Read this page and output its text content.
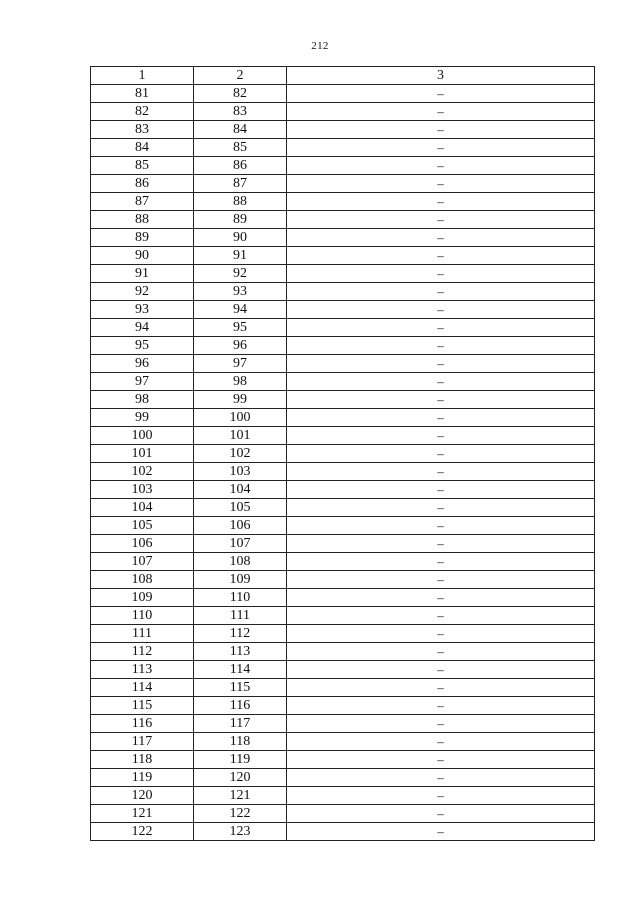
212
1	2	3
81	82	–
82	83	–
83	84	–
84	85	–
85	86	–
86	87	–
87	88	–
88	89	–
89	90	–
90	91	–
91	92	–
92	93	–
93	94	–
94	95	–
95	96	–
96	97	–
97	98	–
98	99	–
99	100	–
100	101	–
101	102	–
102	103	–
103	104	–
104	105	–
105	106	–
106	107	–
107	108	–
108	109	–
109	110	–
110	111	–
111	112	–
112	113	–
113	114	–
114	115	–
115	116	–
116	117	–
117	118	–
118	119	–
119	120	–
120	121	–
121	122	–
122	123	–
